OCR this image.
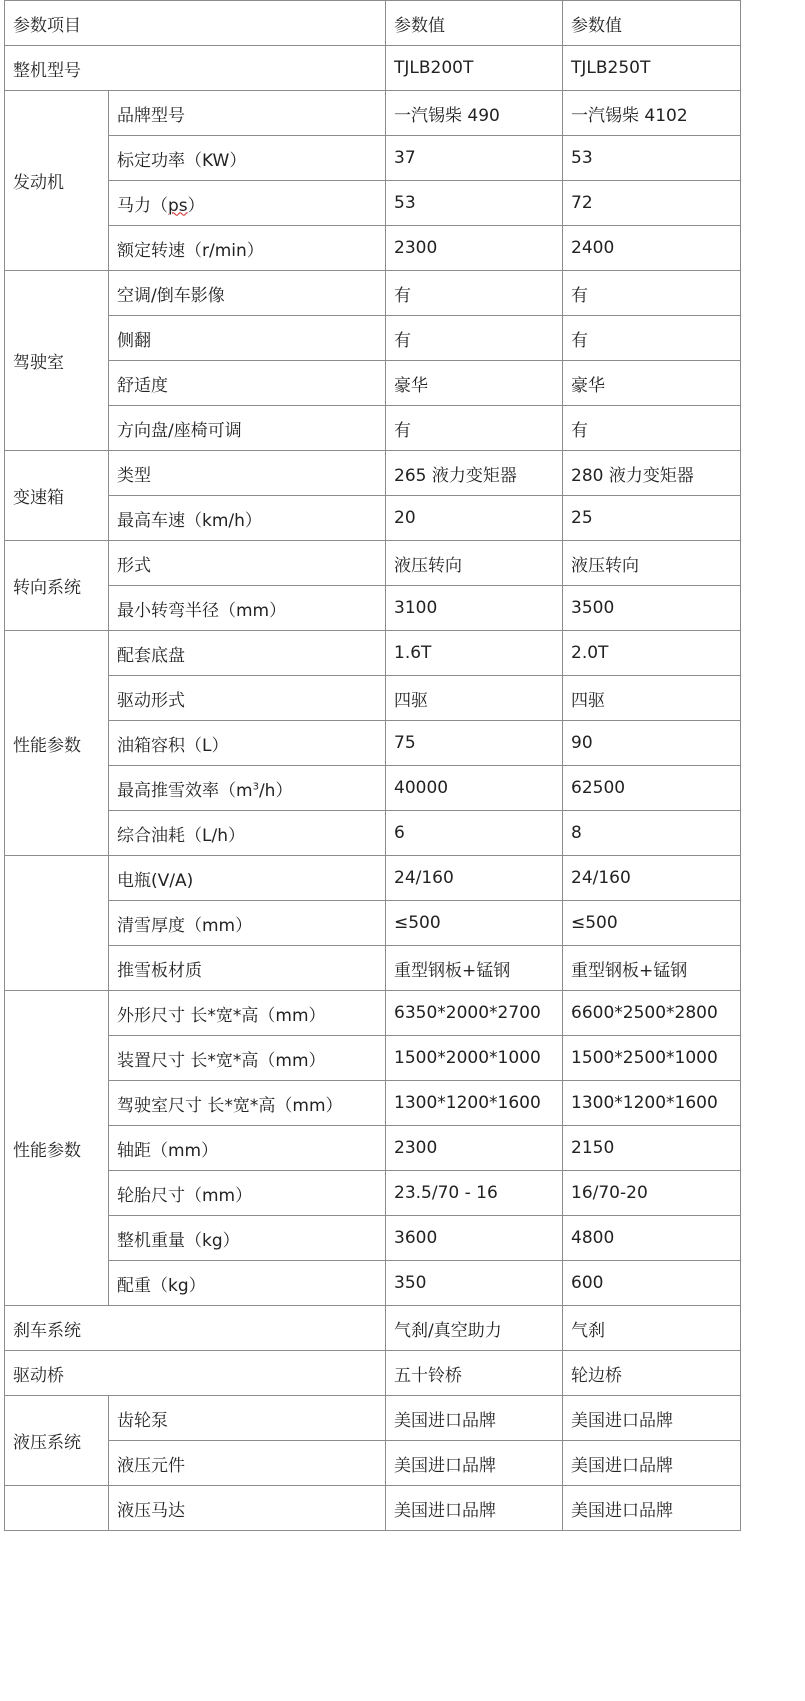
参数项目		参数值	参数值
整机型号		TJLB200T	TJLB250T
发动机	品牌型号	一汽锡柴 490	一汽锡柴 4102
	标定功率（KW）	37	53
	马力（ps）	53	72
	额定转速（r/min）	2300	2400
驾驶室	空调/倒车影像	有	有
	侧翻	有	有
	舒适度	豪华	豪华
	方向盘/座椅可调	有	有
变速箱	类型	265 液力变矩器	280 液力变矩器
	最高车速（km/h）	20	25
转向系统	形式	液压转向	液压转向
	最小转弯半径（mm）	3100	3500
性能参数	配套底盘	1.6T	2.0T
	驱动形式	四驱	四驱
	油箱容积（L）	75	90
	最高推雪效率$(m^3/h)$	40000	62500
	综合油耗（L/h）	6	8
	电瓶(V/A)	24/160	24/160
	清雪厚度（mm）	≤500	≤500
	推雪板材质	重型钢板+锰钢	重型钢板+锰钢
性能参数	外形尺寸 长*宽*高（mm）	6350*2000*2700	6600*2500*2800
	装置尺寸 长*宽*高（mm）	1500*2000*1000	1500*2500*1000
	驾驶室尺寸 长*宽*高（mm）	1300*1200*1600	1300*1200*1600
	轴距（mm）	2300	2150
	轮胎尺寸（mm）	23.5/70 - 16	16/70-20
	整机重量（kg）	3600	4800
	配重（kg）	350	600
刹车系统		气刹/真空助力	气刹
驱动桥		五十铃桥	轮边桥
液压系统	齿轮泵	美国进口品牌	美国进口品牌
	液压元件	美国进口品牌	美国进口品牌
	液压马达	美国进口品牌	美国进口品牌
